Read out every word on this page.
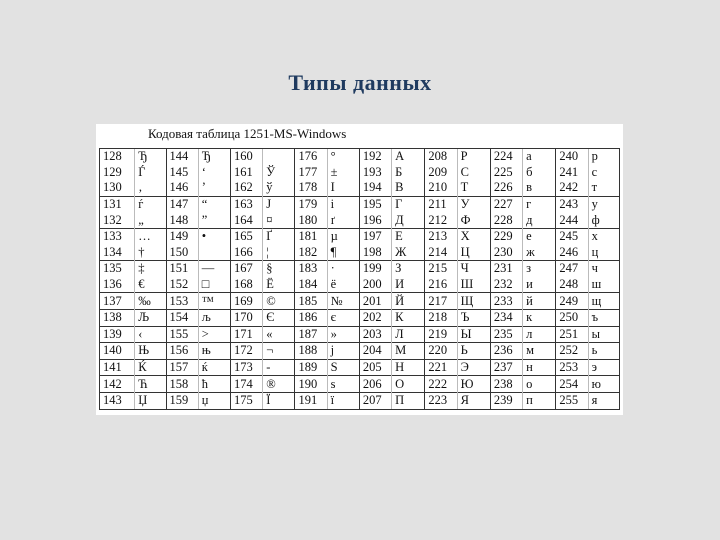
Типы данных
Кодовая таблица 1251-MS-Windows
128	Ђ	144	Ђ	160		176	°	192	А	208	Р	224	а	240	р
129	Ѓ	145	‘	161	Ў	177	±	193	Б	209	С	225	б	241	с
130	‚	146	’	162	ў	178	І	194	В	210	Т	226	в	242	т
131	ѓ	147	“	163	Ј	179	і	195	Г	211	У	227	г	243	у
132	„	148	”	164	¤	180	ґ	196	Д	212	Ф	228	д	244	ф
133	…	149	•	165	Ґ	181	µ	197	Е	213	Х	229	е	245	х
134	†	150		166	¦	182	¶	198	Ж	214	Ц	230	ж	246	ц
135	‡	151	—	167	§	183	·	199	З	215	Ч	231	з	247	ч
136	€	152	□	168	Ё	184	ё	200	И	216	Ш	232	и	248	ш
137	‰	153	™	169	©	185	№	201	Й	217	Щ	233	й	249	щ
138	Љ	154	љ	170	Є	186	є	202	К	218	Ъ	234	к	250	ъ
139	‹	155	>	171	«	187	»	203	Л	219	Ы	235	л	251	ы
140	Њ	156	њ	172	¬	188	ј	204	М	220	Ь	236	м	252	ь
141	Ќ	157	ќ	173	-	189	Ѕ	205	Н	221	Э	237	н	253	э
142	Ћ	158	ћ	174	®	190	ѕ	206	О	222	Ю	238	о	254	ю
143	Џ	159	џ	175	Ї	191	ї	207	П	223	Я	239	п	255	я
